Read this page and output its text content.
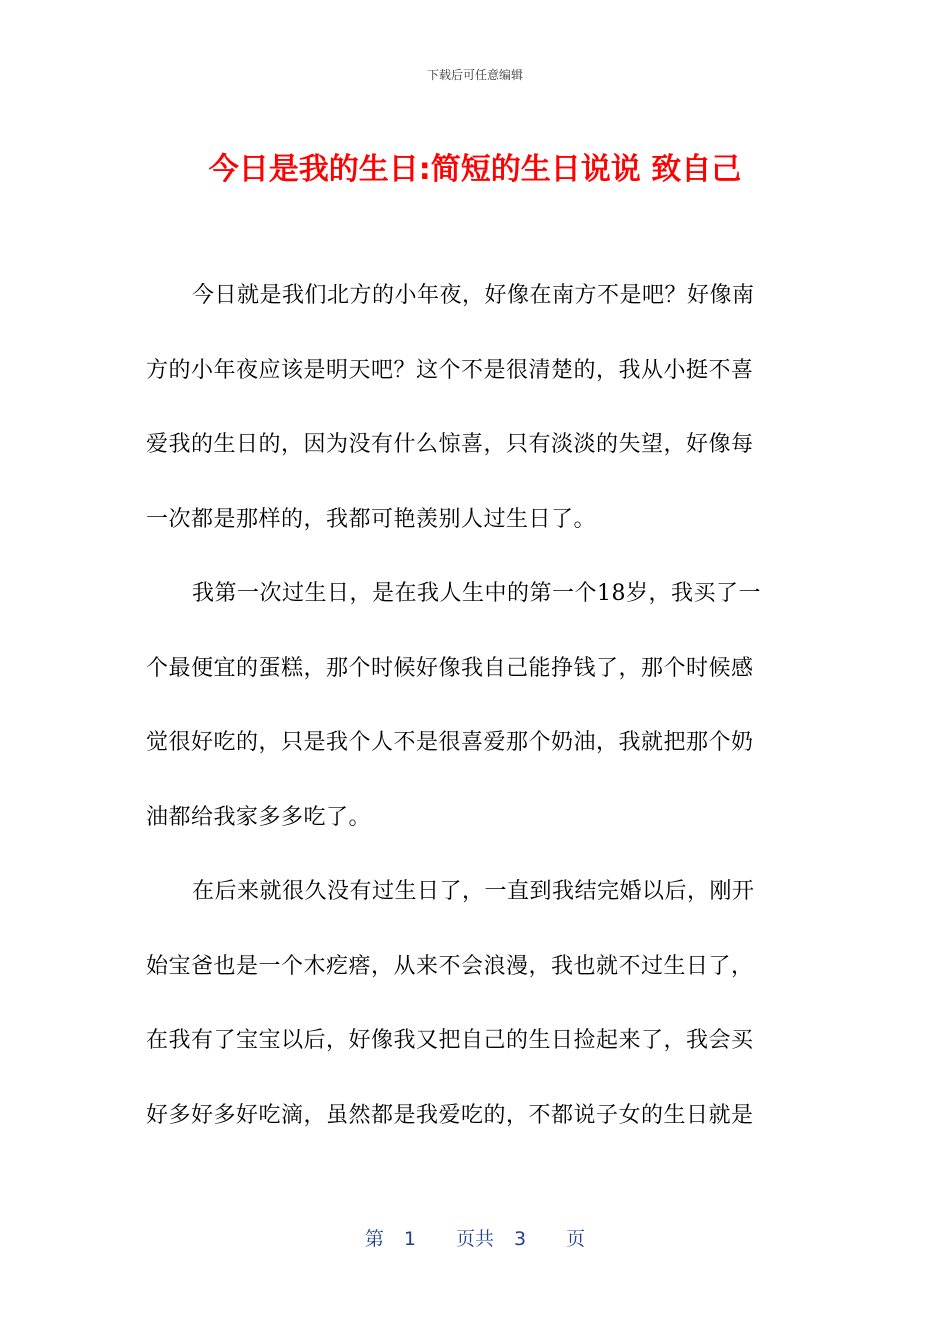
下载后可任意编辑
今日是我的生日:简短的生日说说 致自己
今日就是我们北方的小年夜，好像在南方不是吧？好像南
方的小年夜应该是明天吧？这个不是很清楚的，我从小挺不喜
爱我的生日的，因为没有什么惊喜，只有淡淡的失望，好像每
一次都是那样的，我都可艳羡别人过生日了。
我第一次过生日，是在我人生中的第一个18岁，我买了一
个最便宜的蛋糕，那个时候好像我自己能挣钱了，那个时候感
觉很好吃的，只是我个人不是很喜爱那个奶油，我就把那个奶
油都给我家多多吃了。
在后来就很久没有过生日了，一直到我结完婚以后，刚开
始宝爸也是一个木疙瘩，从来不会浪漫，我也就不过生日了，
在我有了宝宝以后，好像我又把自己的生日捡起来了，我会买
好多好多好吃滴，虽然都是我爱吃的，不都说子女的生日就是
第 1 页共 3 页
